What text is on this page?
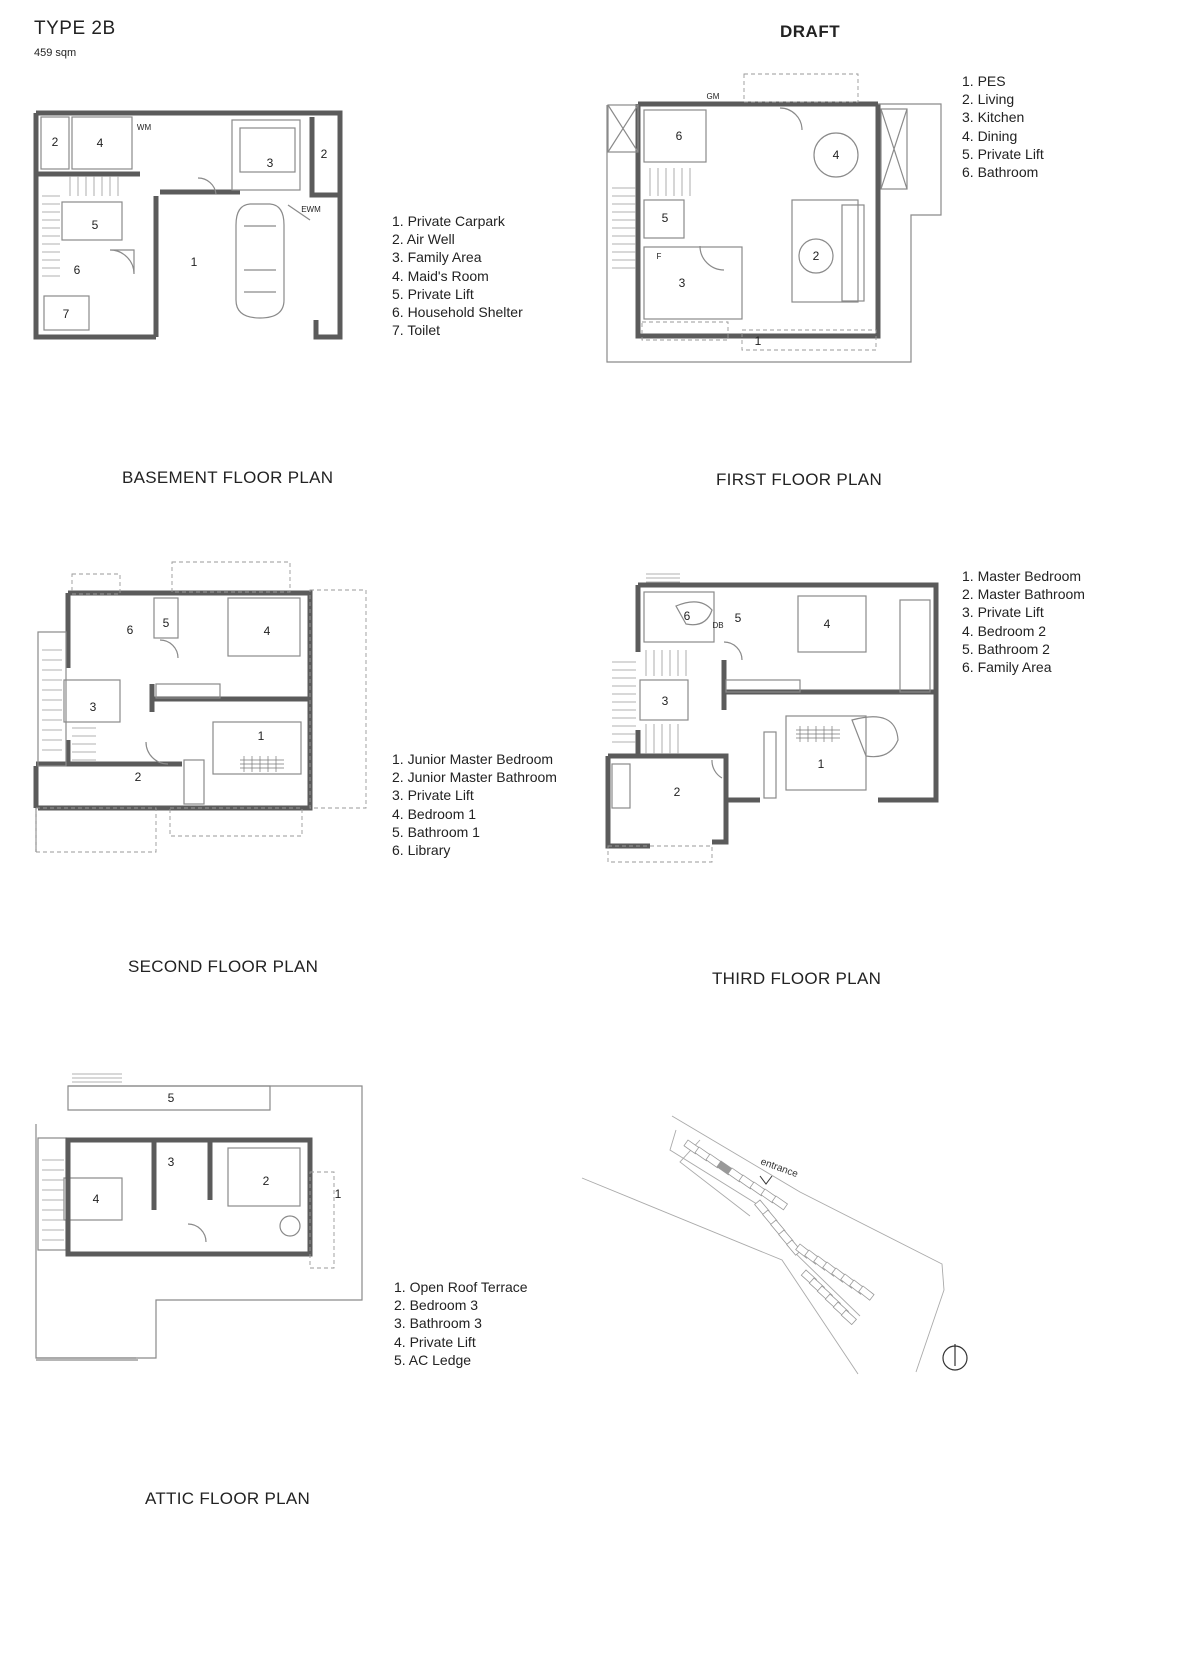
TYPE 2B
459 sqm
DRAFT
1
2
2
3
4
5
6
7
WM
EWM
1. Private Carpark
2. Air Well
3. Family Area
4. Maid's Room
5. Private Lift
6. Household Shelter
7. Toilet
BASEMENT FLOOR PLAN
1
2
3
4
5
6
GM
F
1. PES
2. Living
3. Kitchen
4. Dining
5. Private Lift
6. Bathroom
FIRST FLOOR PLAN
1
2
3
4
5
6
1. Junior Master Bedroom
2. Junior Master Bathroom
3. Private Lift
4. Bedroom 1
5. Bathroom 1
6. Library
SECOND FLOOR PLAN
1
2
3
4
5
6
DB
1. Master Bedroom
2. Master Bathroom
3. Private Lift
4. Bedroom 2
5. Bathroom 2
6. Family Area
THIRD FLOOR PLAN
1
2
3
4
5
1. Open Roof Terrace
2. Bedroom 3
3. Bathroom 3
4. Private Lift
5. AC Ledge
ATTIC FLOOR PLAN
entrance
